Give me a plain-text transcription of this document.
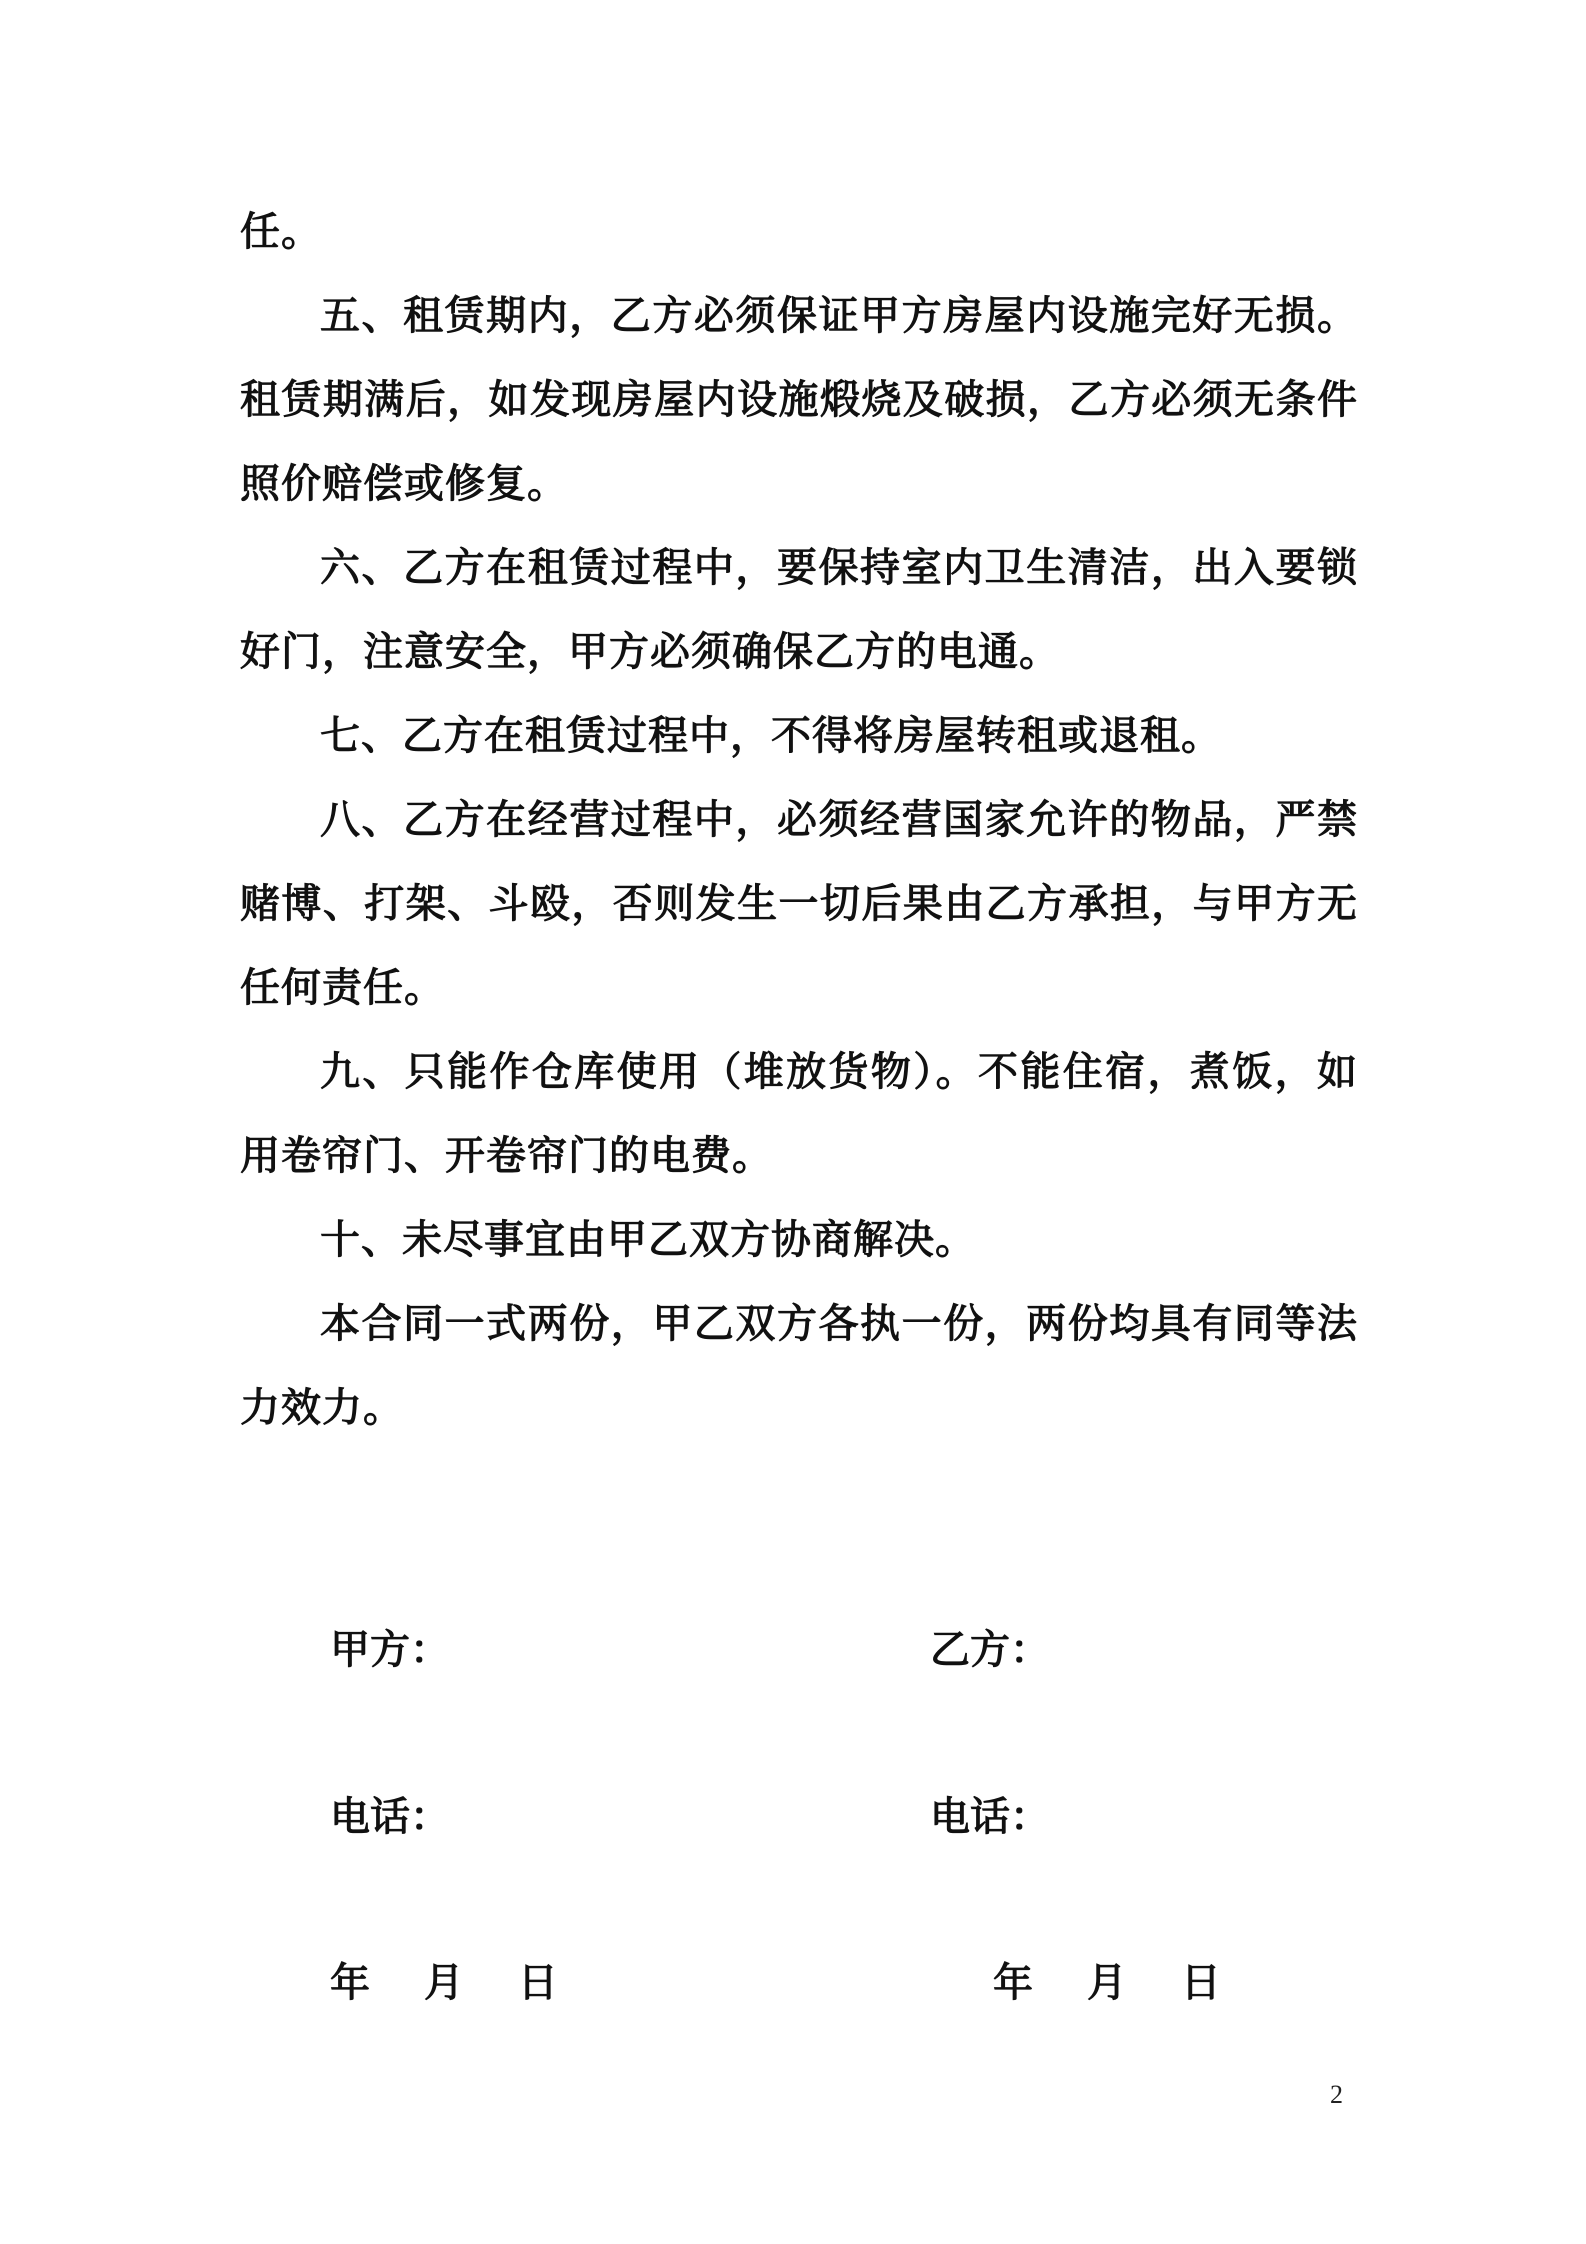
任。

五、租赁期内，乙方必须保证甲方房屋内设施完好无损。租赁期满后，如发现房屋内设施煅烧及破损，乙方必须无条件照价赔偿或修复。

六、乙方在租赁过程中，要保持室内卫生清洁，出入要锁好门，注意安全，甲方必须确保乙方的电通。

七、乙方在租赁过程中，不得将房屋转租或退租。

八、乙方在经营过程中，必须经营国家允许的物品，严禁赌博、打架、斗殴，否则发生一切后果由乙方承担，与甲方无任何责任。

九、只能作仓库使用（堆放货物）。不能住宿，煮饭，如用卷帘门、开卷帘门的电费。

十、未尽事宜由甲乙双方协商解决。

本合同一式两份，甲乙双方各执一份，两份均具有同等法力效力。

甲方：	乙方：
电话：	电话：
年　 月 　日	年　 月 　日
2
